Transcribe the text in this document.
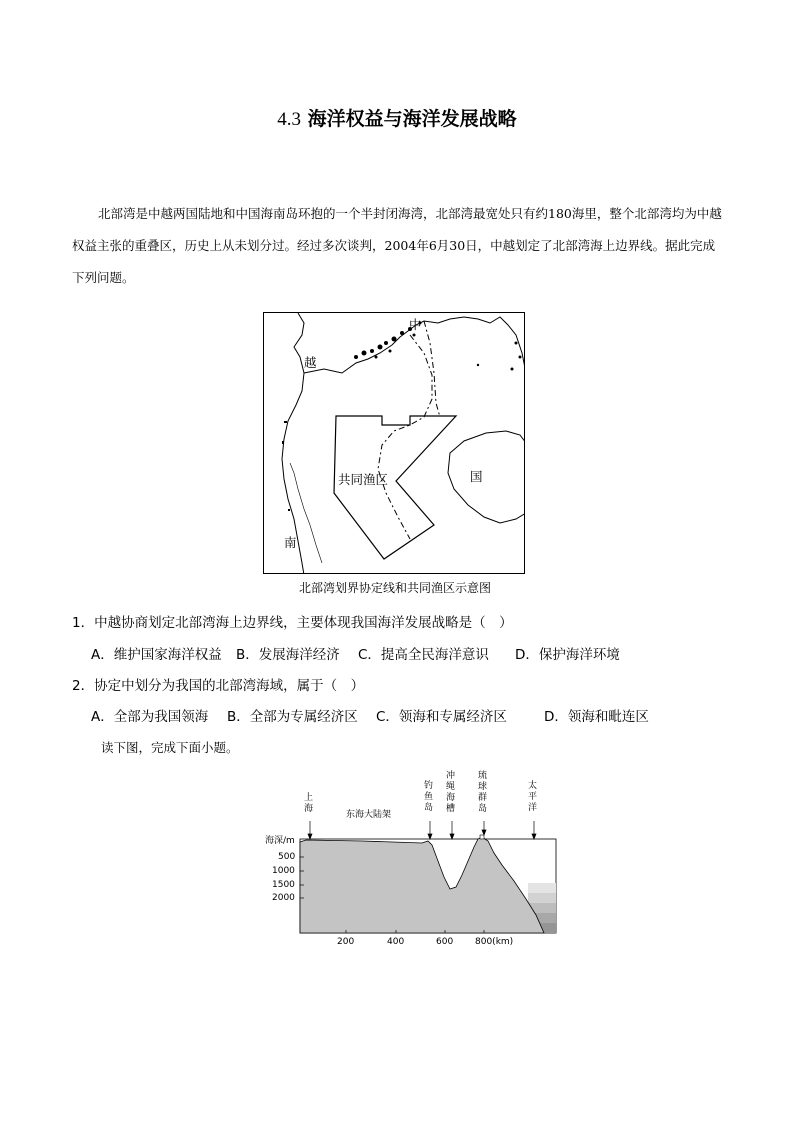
4.3 海洋权益与海洋发展战略
北部湾是中越两国陆地和中国海南岛环抱的一个半封闭海湾，北部湾最宽处只有约180海里，整个北部湾均为中越权益主张的重叠区，历史上从未划分过。经过多次谈判，2004年6月30日，中越划定了北部湾海上边界线。据此完成下列问题。
中
越
国
南
共同渔区
北部湾划界协定线和共同渔区示意图
1．中越协商划定北部湾海上边界线，主要体现我国海洋发展战略是（　）
A．维护国家海洋权益 B．发展海洋经济 C．提高全民海洋意识 D．保护海洋环境
2．协定中划分为我国的北部湾海域，属于（　）
A．全部为我国领海 B．全部为专属经济区 C．领海和专属经济区	D．领海和毗连区
读下图，完成下面小题。
海深/m
500
1000
1500
2000
200	400	600 800(km)
上海
东海大陆架
钓鱼岛
冲绳海槽
琉球群岛
太平洋
